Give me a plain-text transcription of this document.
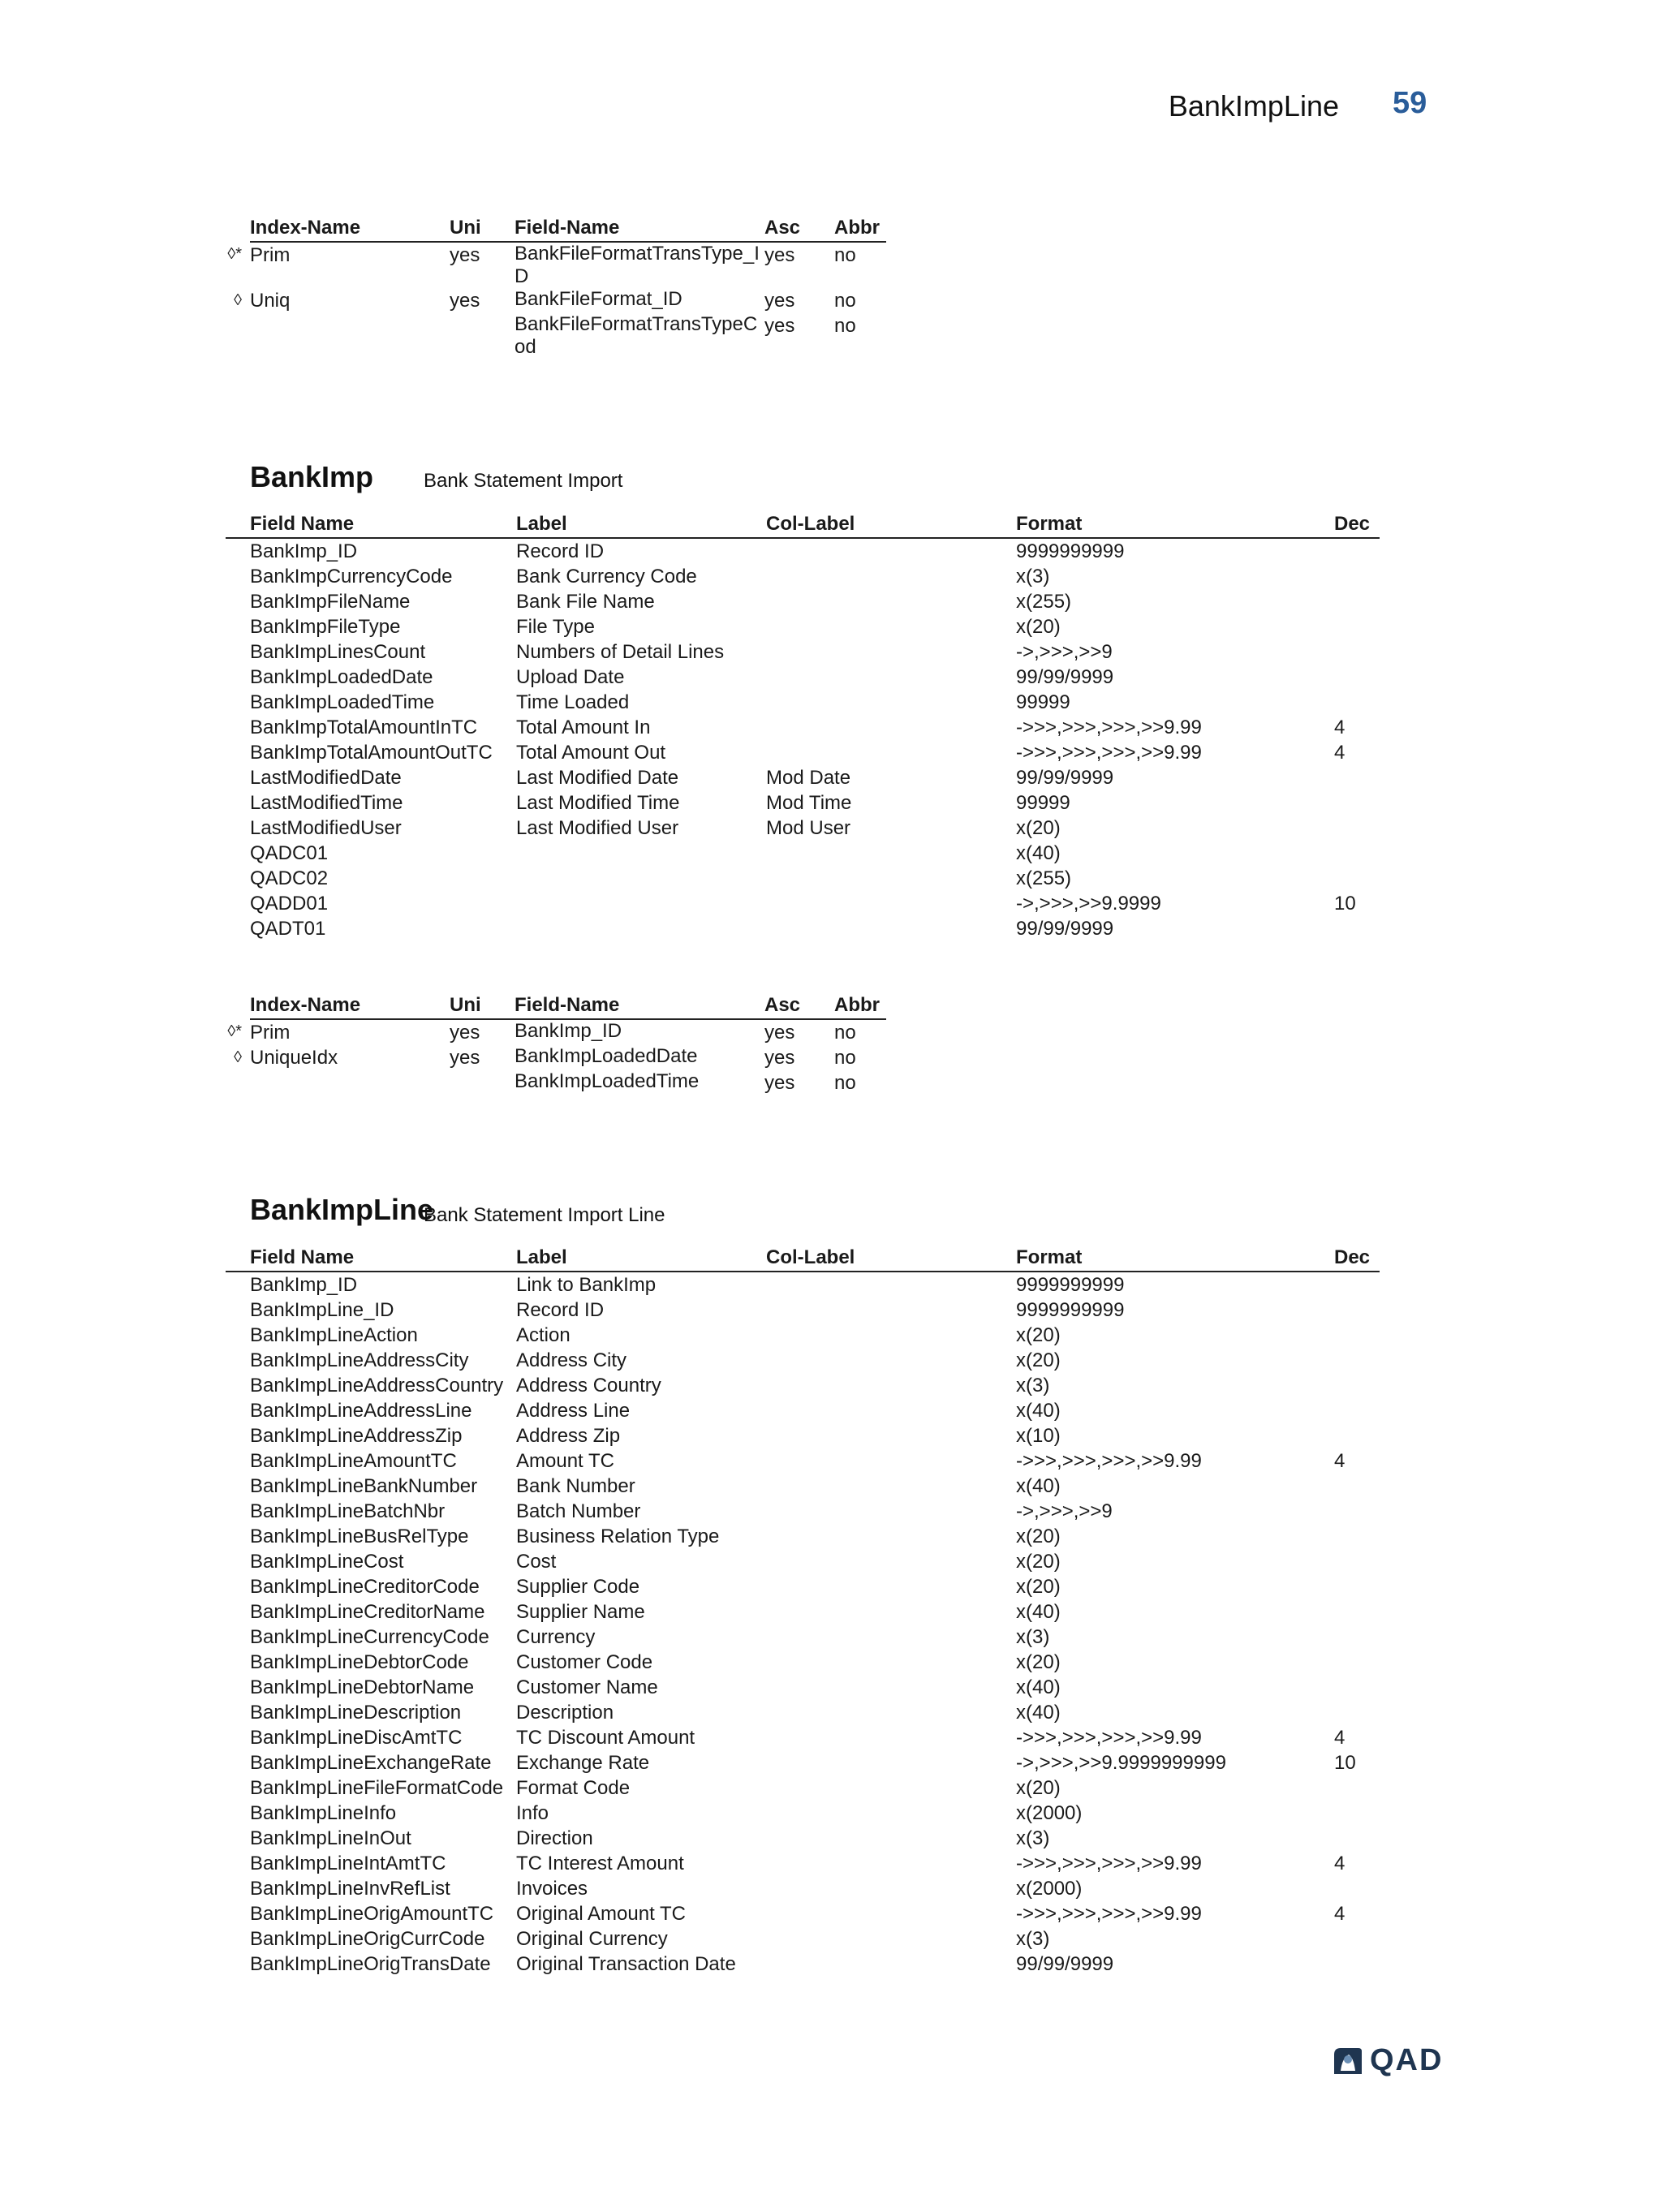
BankImpLine 59
	Index-Name	Uni	Field-Name	Asc	Abbr
◊*	Prim	yes	BankFileFormatTransType_ID	yes	no
◊	Uniq	yes	BankFileFormat_ID	yes	no
			BankFileFormatTransTypeCod	yes	no
BankImp	Bank Statement Import
	Field Name	Label	Col-Label	Format	Dec
	BankImp_ID	Record ID		9999999999	
	BankImpCurrencyCode	Bank Currency Code		x(3)	
	BankImpFileName	Bank File Name		x(255)	
	BankImpFileType	File Type		x(20)	
	BankImpLinesCount	Numbers of Detail Lines		->,>>>,>>9	
	BankImpLoadedDate	Upload Date		99/99/9999	
	BankImpLoadedTime	Time Loaded		99999	
	BankImpTotalAmountInTC	Total Amount In		->>>,>>>,>>>,>>9.99	4
	BankImpTotalAmountOutTC	Total Amount Out		->>>,>>>,>>>,>>9.99	4
	LastModifiedDate	Last Modified Date	Mod Date	99/99/9999	
	LastModifiedTime	Last Modified Time	Mod Time	99999	
	LastModifiedUser	Last Modified User	Mod User	x(20)	
	QADC01			x(40)	
	QADC02			x(255)	
	QADD01			->,>>>,>>9.9999	10
	QADT01			99/99/9999	
	Index-Name	Uni	Field-Name	Asc	Abbr
◊*	Prim	yes	BankImp_ID	yes	no
◊	UniqueIdx	yes	BankImpLoadedDate	yes	no
			BankImpLoadedTime	yes	no
BankImpLine
Bank Statement Import Line
	Field Name	Label	Col-Label	Format	Dec
	BankImp_ID	Link to BankImp		9999999999	
	BankImpLine_ID	Record ID		9999999999	
	BankImpLineAction	Action		x(20)	
	BankImpLineAddressCity	Address City		x(20)	
	BankImpLineAddressCountry	Address Country		x(3)	
	BankImpLineAddressLine	Address Line		x(40)	
	BankImpLineAddressZip	Address Zip		x(10)	
	BankImpLineAmountTC	Amount TC		->>>,>>>,>>>,>>9.99	4
	BankImpLineBankNumber	Bank Number		x(40)	
	BankImpLineBatchNbr	Batch Number		->,>>>,>>9	
	BankImpLineBusRelType	Business Relation Type		x(20)	
	BankImpLineCost	Cost		x(20)	
	BankImpLineCreditorCode	Supplier Code		x(20)	
	BankImpLineCreditorName	Supplier Name		x(40)	
	BankImpLineCurrencyCode	Currency		x(3)	
	BankImpLineDebtorCode	Customer Code		x(20)	
	BankImpLineDebtorName	Customer Name		x(40)	
	BankImpLineDescription	Description		x(40)	
	BankImpLineDiscAmtTC	TC Discount Amount		->>>,>>>,>>>,>>9.99	4
	BankImpLineExchangeRate	Exchange Rate		->,>>>,>>9.9999999999	10
	BankImpLineFileFormatCode	Format Code		x(20)	
	BankImpLineInfo	Info		x(2000)	
	BankImpLineInOut	Direction		x(3)	
	BankImpLineIntAmtTC	TC Interest Amount		->>>,>>>,>>>,>>9.99	4
	BankImpLineInvRefList	Invoices		x(2000)	
	BankImpLineOrigAmountTC	Original Amount TC		->>>,>>>,>>>,>>9.99	4
	BankImpLineOrigCurrCode	Original Currency		x(3)	
	BankImpLineOrigTransDate	Original Transaction Date		99/99/9999	
QAD
